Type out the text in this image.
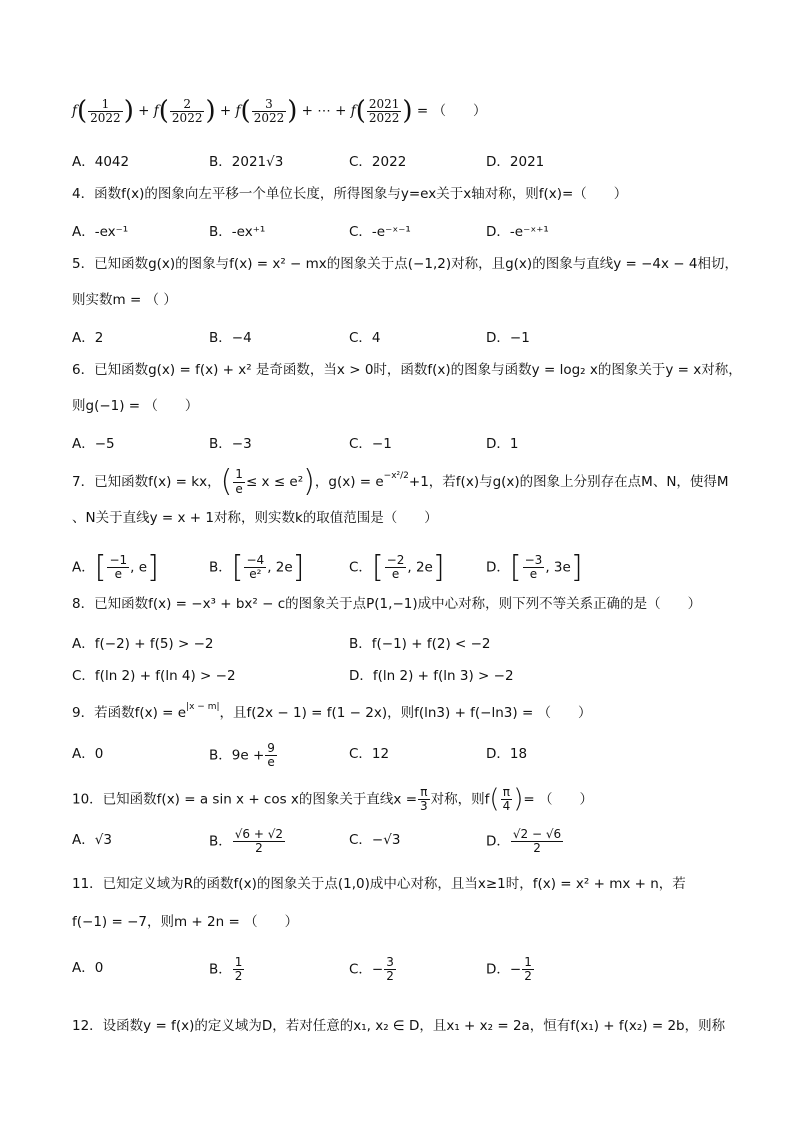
$f( \frac{1}{2022}$ ) + $f( \frac{2}{2022}$ ) + $f( \frac{3}{2022}$ ) + ⋯ + $f( \frac{2021}{2022}$ ) = （　　）
A．4042	B．2021√3	C．2022	D．2021
4．函数f(x)的图象向左平移一个单位长度，所得图象与y=ex关于x轴对称，则f(x)=（　　）
A．-ex⁻¹	B．-ex⁺¹	C．-e⁻ˣ⁻¹	D．-e⁻ˣ⁺¹
5．已知函数g(x)的图象与f(x) = x² − mx的图象关于点(−1,2)对称，且g(x)的图象与直线y = −4x − 4相切，
则实数m = （ ）
A．2	B．−4	C．4	D．−1
6．已知函数g(x) = f(x) + x² 是奇函数，当x > 0时，函数f(x)的图象与函数y = log₂ x的图象关于y = x对称，
则g(−1) = （　　）
A．−5	B．−3	C．−1	D．1
7．已知函数f(x) = kx，( $\frac{1}{e} \le x \le e^2$)，$g(x) = e^{-x^2/2}+1$，若f(x)与g(x)的图象上分别存在点M、N，使得M
、N关于直线y = x + 1对称，则实数k的取值范围是（　　）
A．[ $\frac{-1}{e}$ , e]	B．[ $\frac{-4}{\text{e²}}$ , 2e]	C．[ $\frac{-2}{e}$ , 2e]	D．[ $\frac{-3}{e}$ , 3e]
8．已知函数f(x) = −x³ + bx² − c的图象关于点P(1,−1)成中心对称，则下列不等关系正确的是（　　）
A．f(−2) + f(5) > −2	B．f(−1) + f(2) < −2
C．f(ln 2) + f(ln 4) > −2	D．f(ln 2) + f(ln 3) > −2
9．若函数$f(x) = e^{|x - m|}$，且f(2x − 1) = f(1 − 2x)，则f(ln3) + f(−ln3) = （　　）
A．0	B．$9e + \frac{9}{e}$	C．12	D．18
10．已知函数f(x) = a sin x + cos x的图象关于直线$x = \frac{\pi}{3}$ 对称，则$f( \frac{\pi}{4}$ )= （　　）
A．√3	B． $\frac{√6 + √2}{2}$	C．−√3	D． $\frac{√2 - √6}{2}$
11．已知定义域为R的函数f(x)的图象关于点(1,0)成中心对称，且当x≥1时，f(x) = x² + mx + n，若
f(−1) = −7，则m + 2n = （　　）
A．0	B． $\frac{1}{2}$	C．− $\frac{3}{2}$	D．− $\frac{1}{2}$
12．设函数y = f(x)的定义域为D，若对任意的x₁, x₂ ∈ D，且x₁ + x₂ = 2a，恒有f(x₁) + f(x₂) = 2b，则称
